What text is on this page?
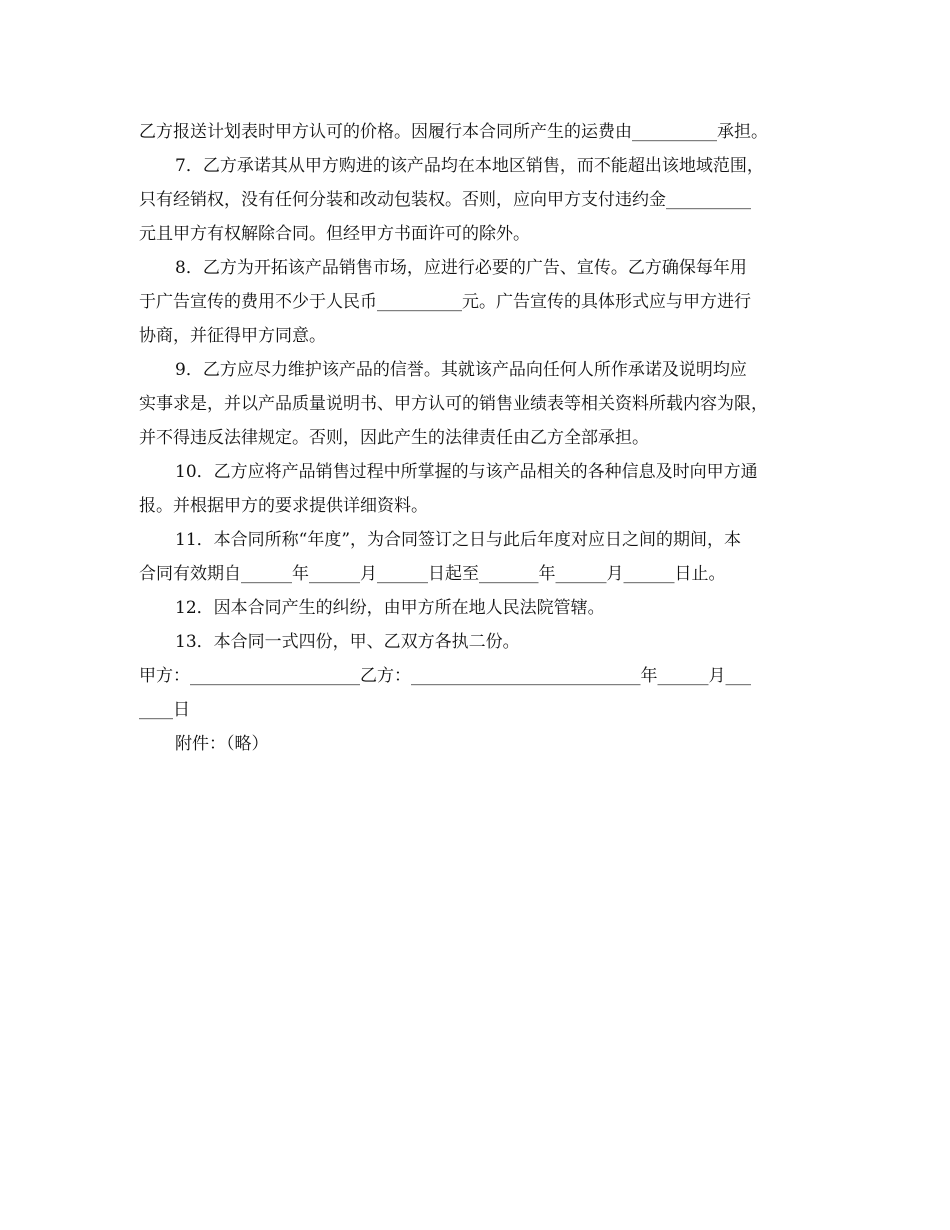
乙方报送计划表时甲方认可的价格。因履行本合同所产生的运费由__________承担。
7．乙方承诺其从甲方购进的该产品均在本地区销售，而不能超出该地域范围，
只有经销权，没有任何分装和改动包装权。否则，应向甲方支付违约金__________
元且甲方有权解除合同。但经甲方书面许可的除外。
8．乙方为开拓该产品销售市场，应进行必要的广告、宣传。乙方确保每年用
于广告宣传的费用不少于人民币__________元。广告宣传的具体形式应与甲方进行
协商，并征得甲方同意。
9．乙方应尽力维护该产品的信誉。其就该产品向任何人所作承诺及说明均应
实事求是，并以产品质量说明书、甲方认可的销售业绩表等相关资料所载内容为限，
并不得违反法律规定。否则，因此产生的法律责任由乙方全部承担。
10．乙方应将产品销售过程中所掌握的与该产品相关的各种信息及时向甲方通
报。并根据甲方的要求提供详细资料。
11．本合同所称“年度”，为合同签订之日与此后年度对应日之间的期间，本
合同有效期自______年______月______日起至_______年______月______日止。
12．因本合同产生的纠纷，由甲方所在地人民法院管辖。
13．本合同一式四份，甲、乙双方各执二份。
甲方：____________________乙方：___________________________年______月___
____日
附件：（略）
